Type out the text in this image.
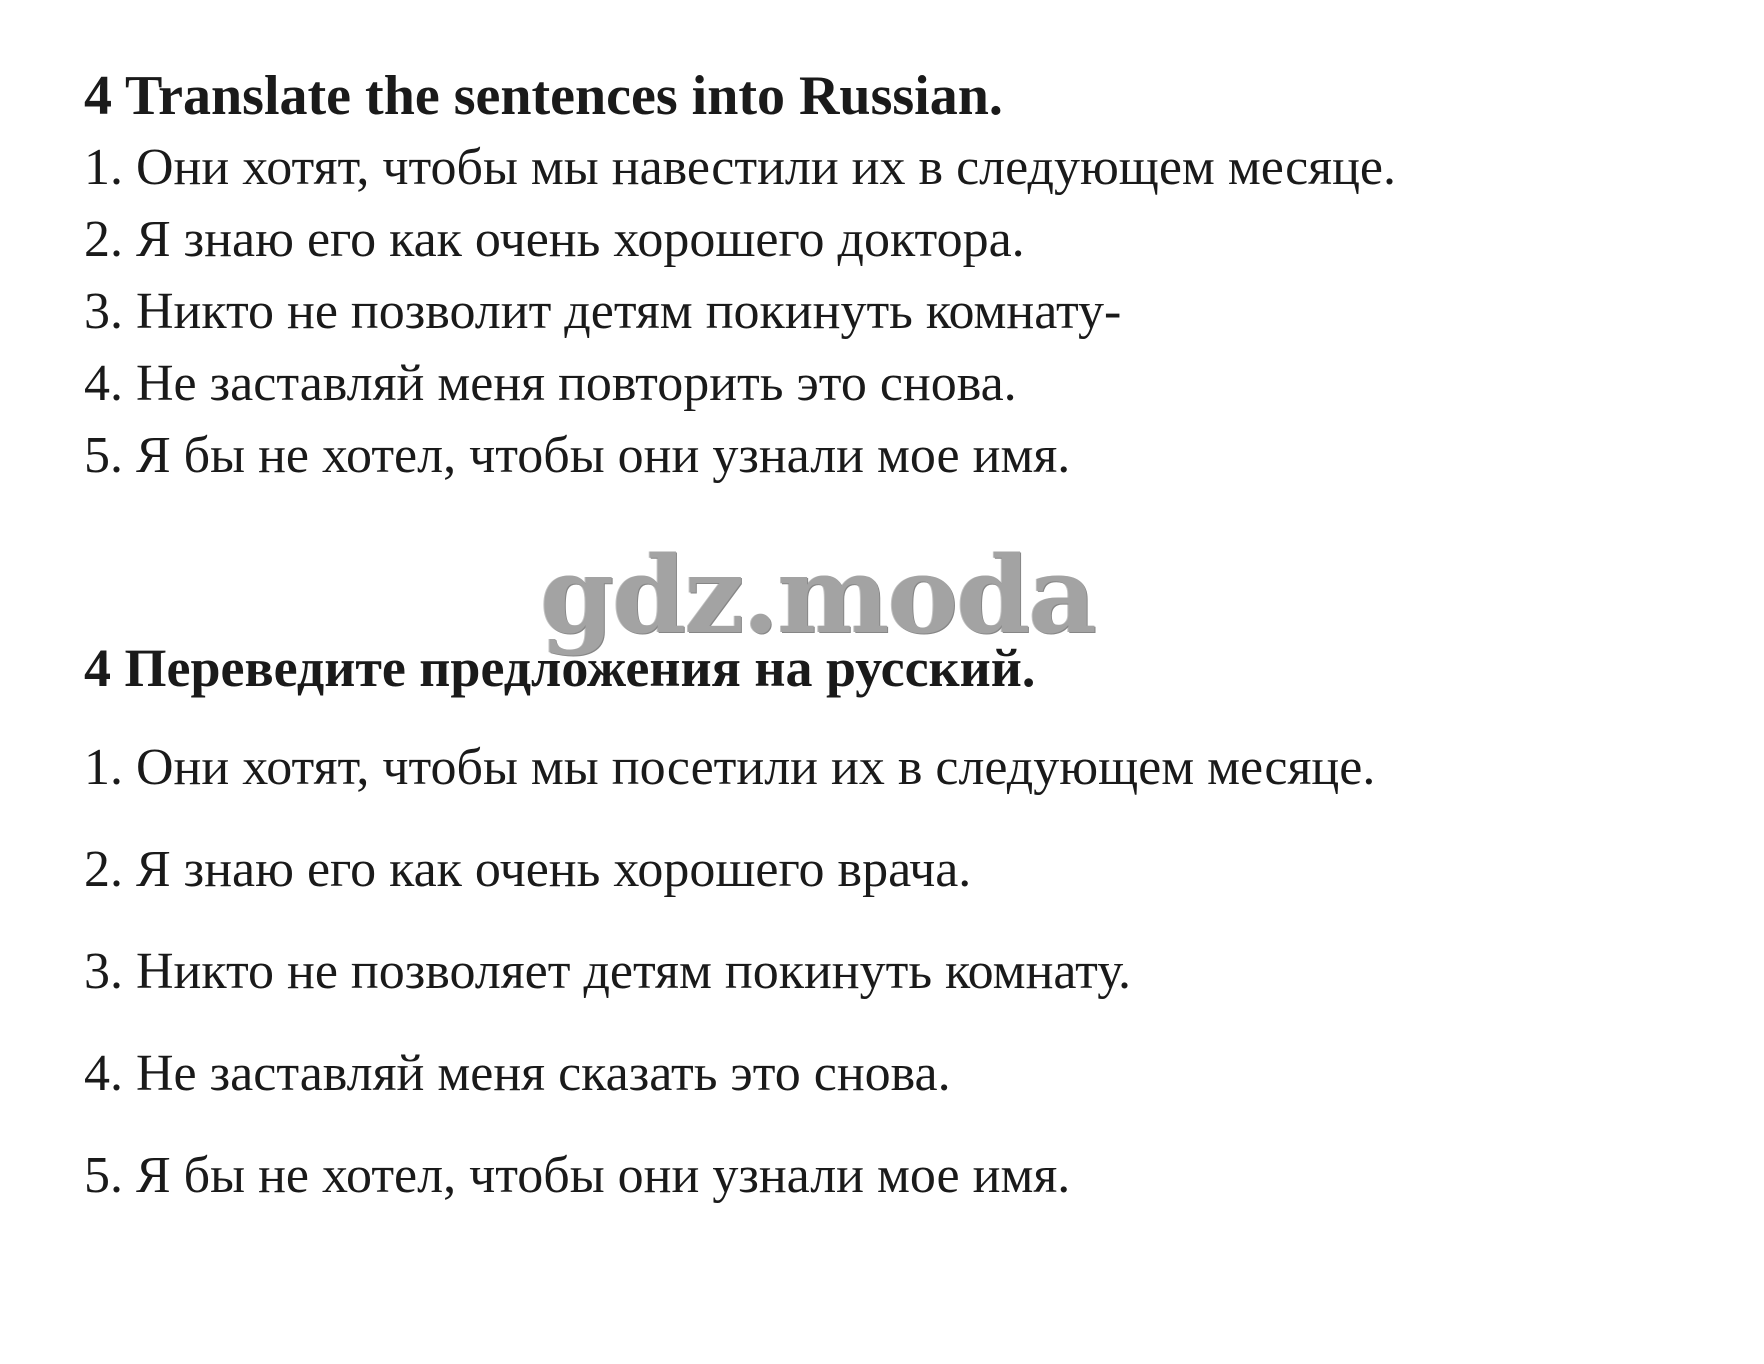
4 Translate the sentences into Russian.

1. Они хотят, чтобы мы навестили их в следующем месяце.

2. Я знаю его как очень хорошего доктора.

3. Никто не позволит детям покинуть комнату-

4. Не заставляй меня повторить это снова.

5. Я бы не хотел, чтобы они узнали мое имя.

gdz.moda

4 Переведите предложения на русский.

1. Они хотят, чтобы мы посетили их в следующем месяце.

2. Я знаю его как очень хорошего врача.

3. Никто не позволяет детям покинуть комнату.

4. Не заставляй меня сказать это снова.

5. Я бы не хотел, чтобы они узнали мое имя.
